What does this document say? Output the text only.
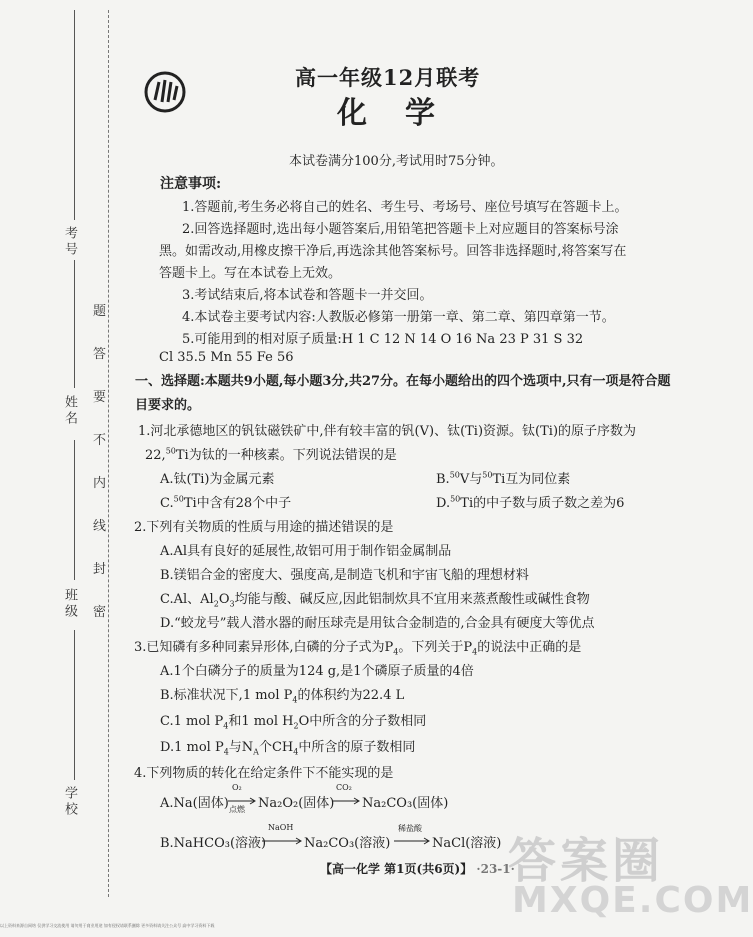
考号
姓名
班级
学校
题
答
要
不
内
线
封
密
高一年级12月联考
化学
本试卷满分100分,考试用时75分钟。
注意事项:
1.答题前,考生务必将自己的姓名、考生号、考场号、座位号填写在答题卡上。
2.回答选择题时,选出每小题答案后,用铅笔把答题卡上对应题目的答案标号涂
黑。如需改动,用橡皮擦干净后,再选涂其他答案标号。回答非选择题时,将答案写在
答题卡上。写在本试卷上无效。
3.考试结束后,将本试卷和答题卡一并交回。
4.本试卷主要考试内容:人教版必修第一册第一章、第二章、第四章第一节。
5.可能用到的相对原子质量:H 1 C 12 N 14 O 16 Na 23 P 31 S 32
Cl 35.5 Mn 55 Fe 56
一、选择题:本题共9小题,每小题3分,共27分。在每小题给出的四个选项中,只有一项是符合题目要求的。
1.河北承德地区的钒钛磁铁矿中,伴有较丰富的钒(V)、钛(Ti)资源。钛(Ti)的原子序数为
22,50Ti为钛的一种核素。下列说法错误的是
A.钛(Ti)为金属元素	B.$^{50}$V与$^{50}$Ti互为同位素
C.$^{50}$Ti中含有28个中子	D.$^{50}$Ti的中子数与质子数之差为6
2.下列有关物质的性质与用途的描述错误的是
A.Al具有良好的延展性,故铝可用于制作铝金属制品
B.镁铝合金的密度大、强度高,是制造飞机和宇宙飞船的理想材料
C.Al、$Al_2O_3$均能与酸、碱反应,因此铝制炊具不宜用来蒸煮酸性或碱性食物
D.“蛟龙号”载人潜水器的耐压球壳是用钛合金制造的,合金具有硬度大等优点
3.已知磷有多种同素异形体,白磷的分子式为$P_4$。下列关于$P_4$的说法中正确的是
A.1个白磷分子的质量为124 g,是1个磷原子质量的4倍
B.标准状况下,1 mol $P_4$的体积约为22.4 L
C.1 mol $P_4$和1 mol $H_2O$中所含的分子数相同
D.1 mol $P_4$与$N_A$个$CH_4$中所含的原子数相同
4.下列物质的转化在给定条件下不能实现的是
A.Na(固体)
O₂
点燃 Na₂O₂(固体)
CO₂
Na₂CO₃(固体)
B.NaHCO₃(溶液)
NaOH
Na₂CO₃(溶液)
稀盐酸
NaCl(溶液)
【高一化学 第1页(共6页)】 ·23-1·
答案圈
MXQE.COM
以上资料来源自网络 仅供学习交流使用 请勿用于商业用途 如有侵权请联系删除 更多资料请关注公众号 高中学习资料下载
